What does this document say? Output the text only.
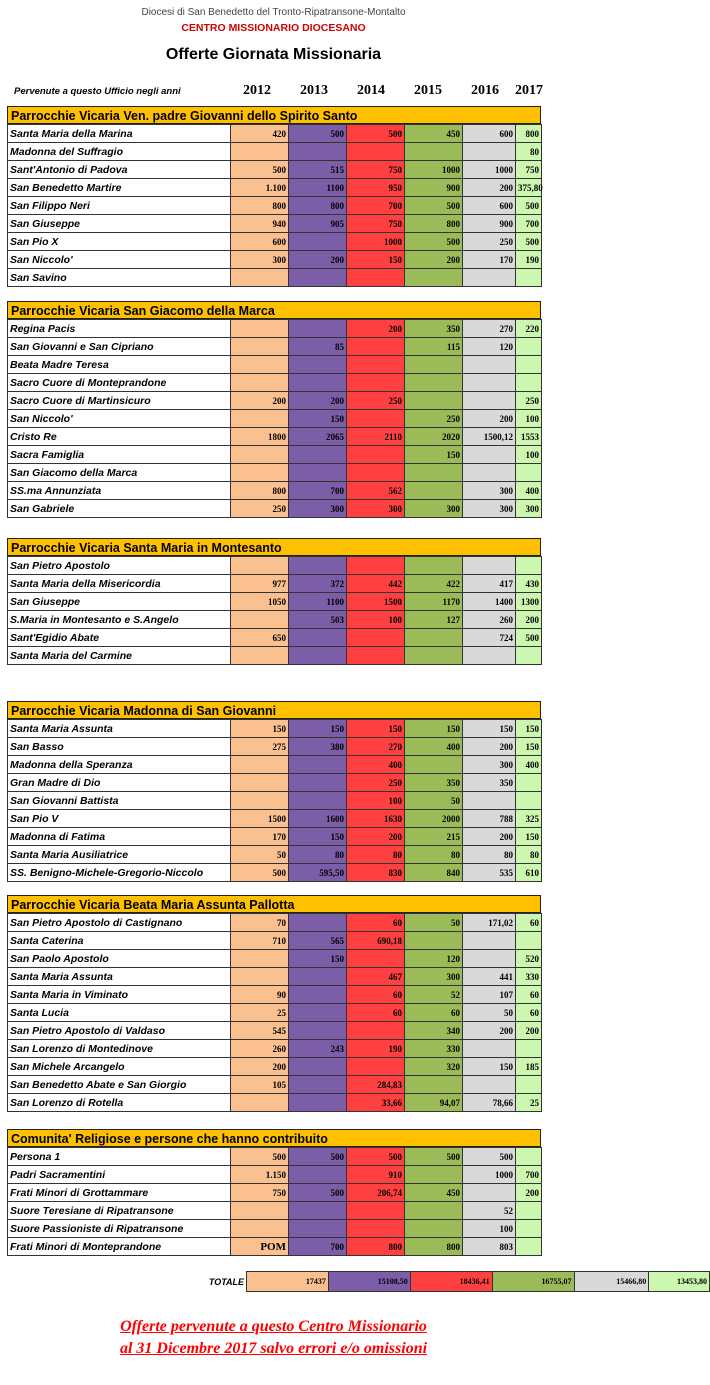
Diocesi di San Benedetto del Tronto-Ripatransone-Montalto
CENTRO MISSIONARIO DIOCESANO
Offerte Giornata Missionaria
Pervenute a questo Ufficio negli anni	2012	2013	2014	2015	2016	2017
Parrocchie Vicaria Ven. padre Giovanni dello Spirito Santo
Santa Maria della Marina	420	500	500	450	600	800
Madonna del Suffragio						80
Sant'Antonio di Padova	500	515	750	1000	1000	750
San Benedetto Martire	1.100	1100	950	900	200	375,80
San Filippo Neri	800	800	700	500	600	500
San Giuseppe	940	905	750	800	900	700
San Pio X	600		1000	500	250	500
San Niccolo'	300	200	150	200	170	190
San Savino						
Parrocchie Vicaria San Giacomo della Marca
Regina Pacis			200	350	270	220
San Giovanni e San Cipriano		85		115	120	
Beata Madre Teresa						
Sacro Cuore di Monteprandone						
Sacro Cuore di Martinsicuro	200	200	250			250
San Niccolo'		150		250	200	100
Cristo Re	1800	2065	2110	2020	1500,12	1553
Sacra Famiglia				150		100
San Giacomo della Marca						
SS.ma Annunziata	800	700	562		300	400
San Gabriele	250	300	300	300	300	300
Parrocchie Vicaria Santa Maria in Montesanto
San Pietro Apostolo						
Santa Maria della Misericordia	977	372	442	422	417	430
San Giuseppe	1050	1100	1500	1170	1400	1300
S.Maria in Montesanto e S.Angelo		503	100	127	260	200
Sant'Egidio Abate	650				724	500
Santa Maria del Carmine						
Parrocchie Vicaria Madonna di San Giovanni
Santa Maria Assunta	150	150	150	150	150	150
San Basso	275	380	270	400	200	150
Madonna della Speranza			400		300	400
Gran Madre di Dio			250	350	350	
San Giovanni Battista			100	50		
San Pio V	1500	1600	1630	2000	788	325
Madonna di Fatima	170	150	200	215	200	150
Santa Maria Ausiliatrice	50	80	80	80	80	80
SS. Benigno-Michele-Gregorio-Niccolo	500	595,50	830	840	535	610
Parrocchie Vicaria Beata Maria Assunta Pallotta
San Pietro Apostolo di Castignano	70		60	50	171,02	60
Santa Caterina	710	565	690,18			
San Paolo Apostolo		150		120		520
Santa Maria Assunta			467	300	441	330
Santa Maria in Viminato	90		60	52	107	60
Santa Lucia	25		60	60	50	60
San Pietro Apostolo di Valdaso	545			340	200	200
San Lorenzo di Montedinove	260	243	190	330		
San Michele Arcangelo	200			320	150	185
San Benedetto Abate e San Giorgio	105		284,83			
San Lorenzo di Rotella			33,66	94,07	78,66	25
Comunita' Religiose e persone che hanno contribuito
Persona 1	500	500	500	500	500	
Padri Sacramentini	1.150		910		1000	700
Frati Minori di Grottammare	750	500	206,74	450		200
Suore Teresiane di Ripatransone					52	
Suore Passioniste di Ripatransone					100	
Frati Minori di Monteprandone	POM	700	800	800	803	
TOTALE	17437	15108,50	18436,41	16755,07	15466,80	13453,80
Offerte pervenute a questo Centro Missionario
al 31 Dicembre 2017 salvo errori e/o omissioni
